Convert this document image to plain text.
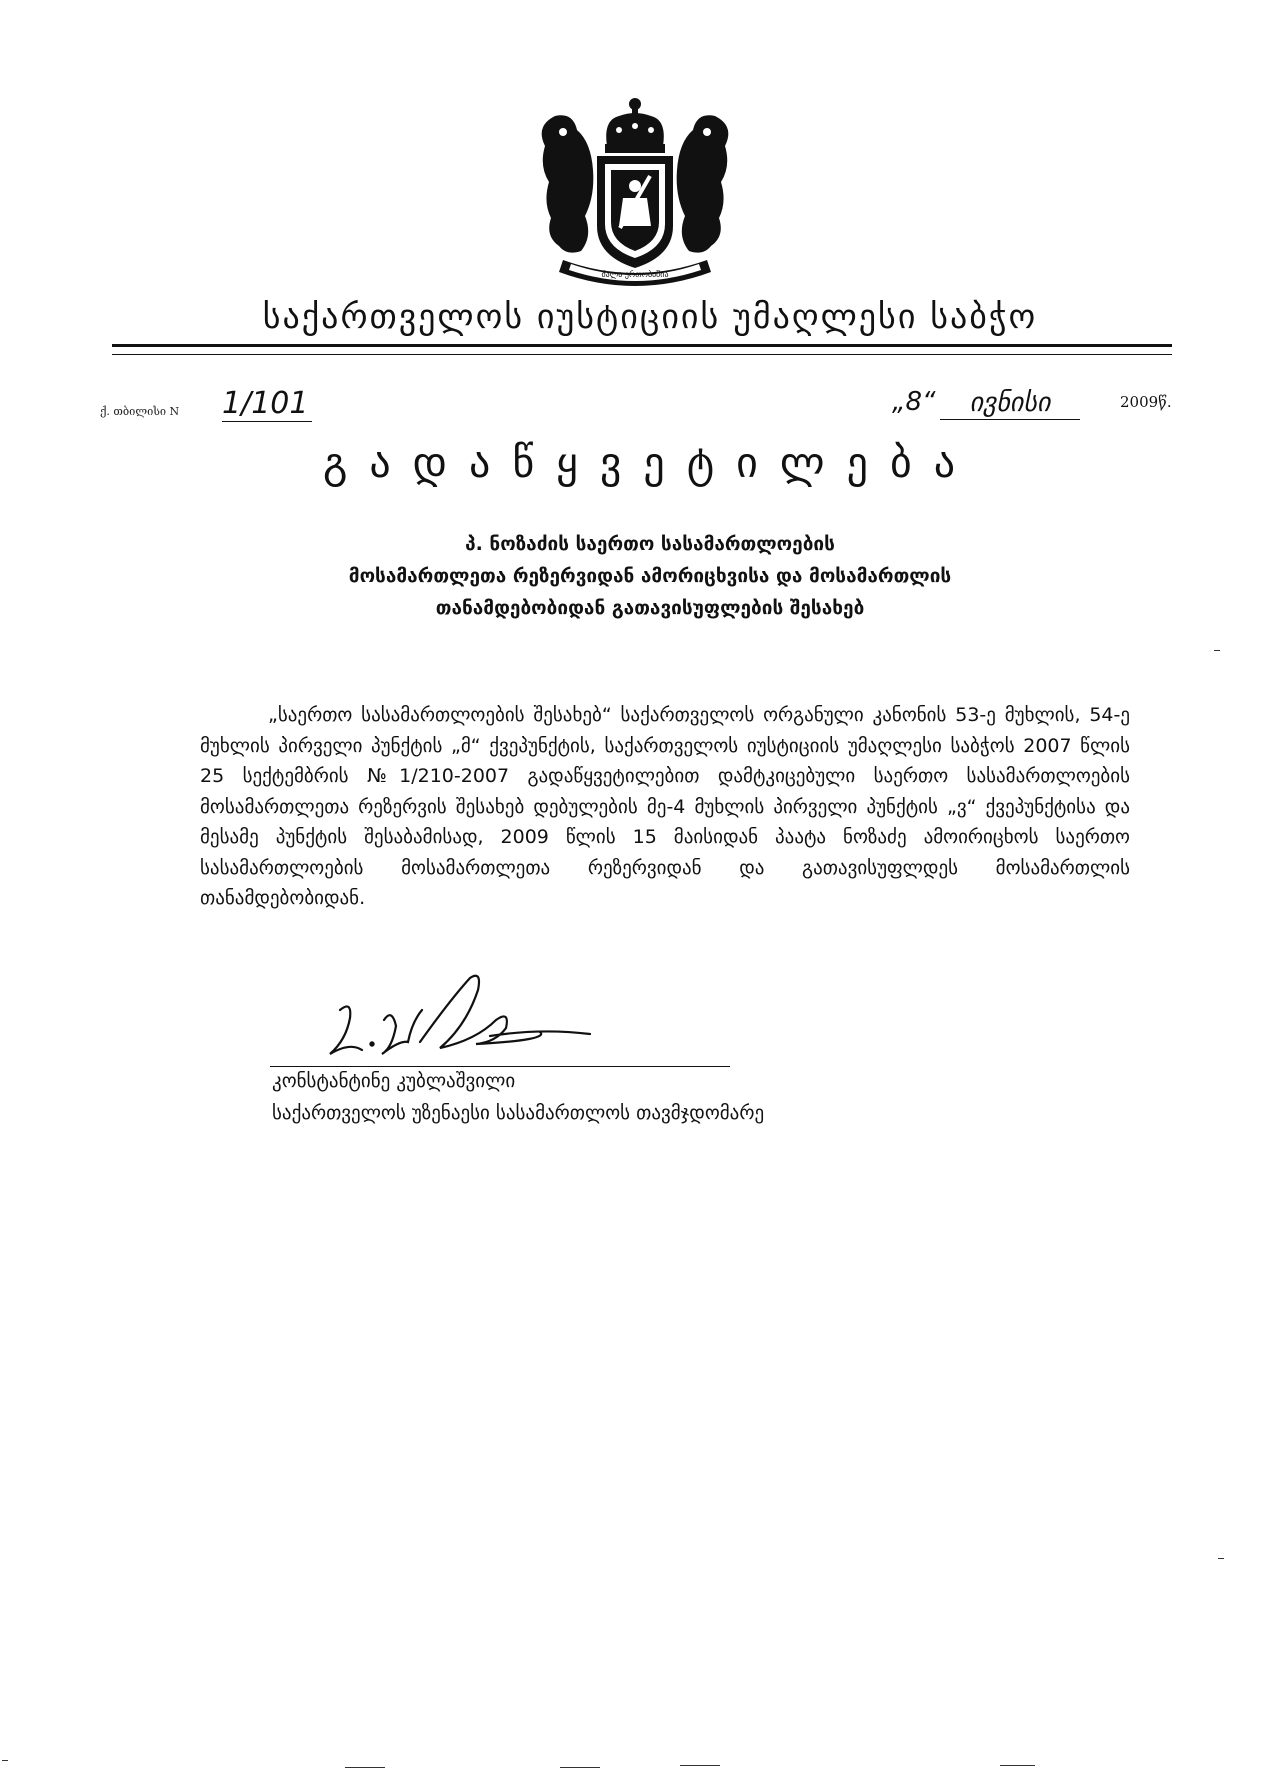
ძალა ერთობაშია
საქართველოს იუსტიციის უმაღლესი საბჭო
ქ. თბილისი N 1/101	„8“	ივნისი	2009წ.
გადაწყვეტილება
პ. ნოზაძის საერთო სასამართლოების
მოსამართლეთა რეზერვიდან ამორიცხვისა და მოსამართლის
თანამდებობიდან გათავისუფლების შესახებ

„საერთო სასამართლოების შესახებ“ საქართველოს ორგანული კანონის 53-ე მუხლის, 54-ე მუხლის პირველი პუნქტის „მ“ ქვეპუნქტის, საქართველოს იუსტიციის უმაღლესი საბჭოს 2007 წლის 25 სექტემბრის №1/210-2007 გადაწყვეტილებით დამტკიცებული საერთო სასამართლოების მოსამართლეთა რეზერვის შესახებ დებულების მე-4 მუხლის პირველი პუნქტის „ვ“ ქვეპუნქტისა და მესამე პუნქტის შესაბამისად, 2009 წლის 15 მაისიდან პაატა ნოზაძე ამოირიცხოს საერთო სასამართლოების მოსამართლეთა რეზერვიდან და გათავისუფლდეს მოსამართლის თანამდებობიდან.

კონსტანტინე კუბლაშვილი
საქართველოს უზენაესი სასამართლოს თავმჯდომარე
